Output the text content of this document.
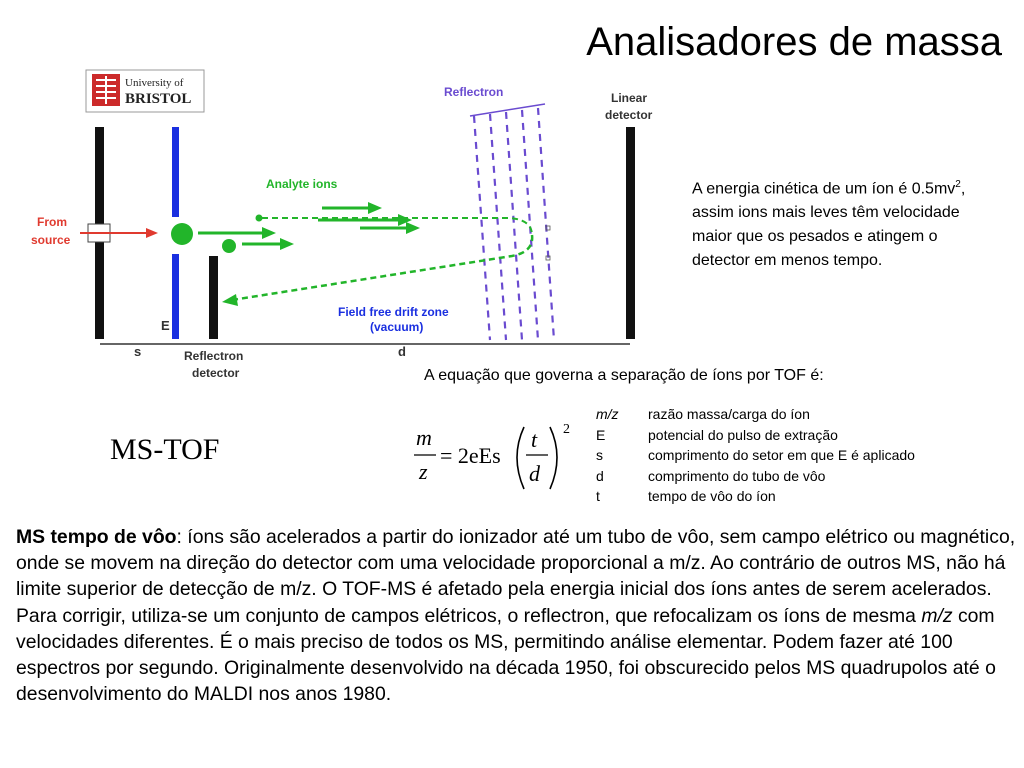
Analisadores de massa
University of
BRISTOL
From
source
Analyte ions
Reflectron	Linear
detector
Field free drift zone
(vacuum)
Reflectron
detector
E
s	d
A energia cinética de um íon é $0.5mv^2$, assim ions mais leves têm velocidade maior que os pesados e atingem o detector em menos tempo.
A equação que governa a separação de íons por TOF é:
MS-TOF	m
z
= 2eEs
t
d
2
m/z	razão massa/carga do íon
E	potencial do pulso de extração
s	comprimento do setor em que E é aplicado
d	comprimento do tubo de vôo
t	tempo de vôo do íon
MS tempo de vôo: íons são acelerados a partir do ionizador até um tubo de vôo, sem campo elétrico ou magnético, onde se movem na direção do detector com uma velocidade proporcional a m/z. Ao contrário de outros MS, não há limite superior de detecção de m/z. O TOF-MS é afetado pela energia inicial dos íons antes de serem acelerados. Para corrigir, utiliza-se um conjunto de campos elétricos, o reflectron, que refocalizam os íons de mesma m/z com velocidades diferentes. É o mais preciso de todos os MS, permitindo análise elementar. Podem fazer até 100 espectros por segundo. Originalmente desenvolvido na década 1950, foi obscurecido pelos MS quadrupolos até o desenvolvimento do MALDI nos anos 1980.
